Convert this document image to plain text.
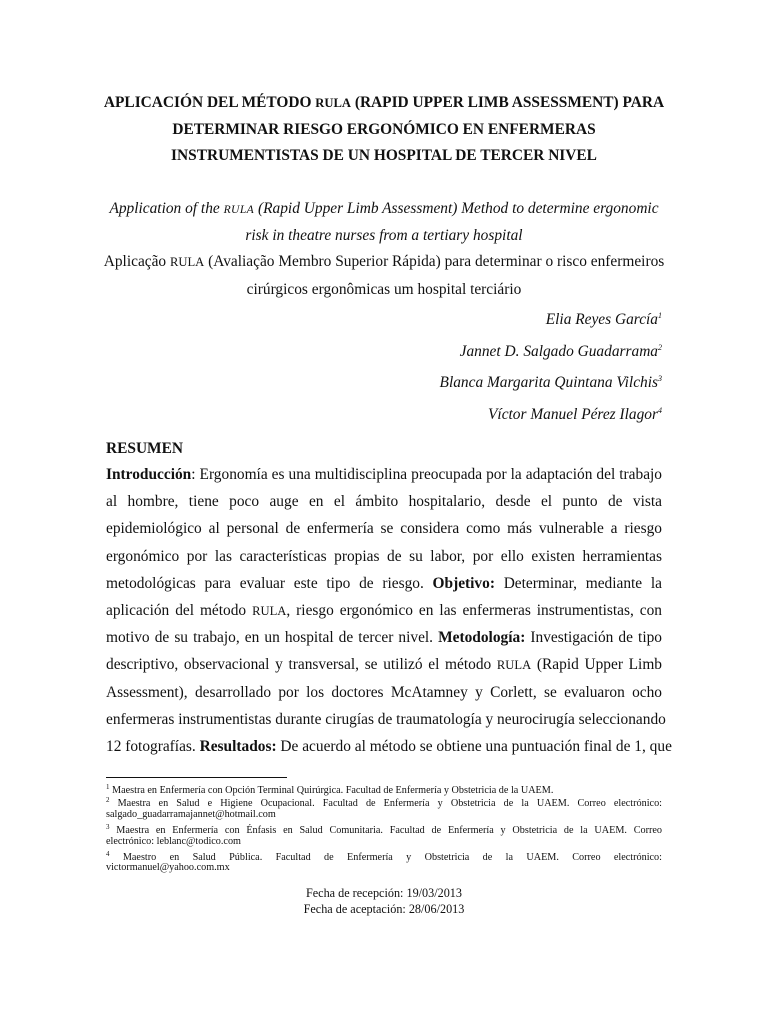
APLICACIÓN DEL MÉTODO RULA (RAPID UPPER LIMB ASSESSMENT) PARA
DETERMINAR RIESGO ERGONÓMICO EN ENFERMERAS
INSTRUMENTISTAS DE UN HOSPITAL DE TERCER NIVEL
Application of the RULA (Rapid Upper Limb Assessment) Method to determine ergonomic
risk in theatre nurses from a tertiary hospital
Aplicação RULA (Avaliação Membro Superior Rápida) para determinar o risco enfermeiros
cirúrgicos ergonômicas um hospital terciário
Elia Reyes García$^1$
Jannet D. Salgado Guadarrama$^2$
Blanca Margarita Quintana Vilchis$^3$
Víctor Manuel Pérez Ilagor$^4$
RESUMEN
Introducción: Ergonomía es una multidisciplina preocupada por la adaptación del trabajo
al hombre, tiene poco auge en el ámbito hospitalario, desde el punto de vista
epidemiológico al personal de enfermería se considera como más vulnerable a riesgo
ergonómico por las características propias de su labor, por ello existen herramientas
metodológicas para evaluar este tipo de riesgo. Objetivo: Determinar, mediante la
aplicación del método RULA, riesgo ergonómico en las enfermeras instrumentistas, con
motivo de su trabajo, en un hospital de tercer nivel. Metodología: Investigación de tipo
descriptivo, observacional y transversal, se utilizó el método RULA (Rapid Upper Limb
Assessment), desarrollado por los doctores McAtamney y Corlett, se evaluaron ocho
enfermeras instrumentistas durante cirugías de traumatología y neurocirugía seleccionando
12 fotografías. Resultados: De acuerdo al método se obtiene una puntuación final de 1, que
$^1$ Maestra en Enfermería con Opción Terminal Quirúrgica. Facultad de Enfermería y Obstetricia de la UAEM.
$^2$ Maestra en Salud e Higiene Ocupacional. Facultad de Enfermería y Obstetricia de la UAEM. Correo electrónico:
salgado_guadarramajannet@hotmail.com
$^3$ Maestra en Enfermería con Énfasis en Salud Comunitaria. Facultad de Enfermería y Obstetricia de la UAEM. Correo
electrónico: leblanc@todico.com
$^4$ Maestro en Salud Pública. Facultad de Enfermería y Obstetricia de la UAEM. Correo electrónico:
victormanuel@yahoo.com.mx
Fecha de recepción: 19/03/2013
Fecha de aceptación: 28/06/2013
